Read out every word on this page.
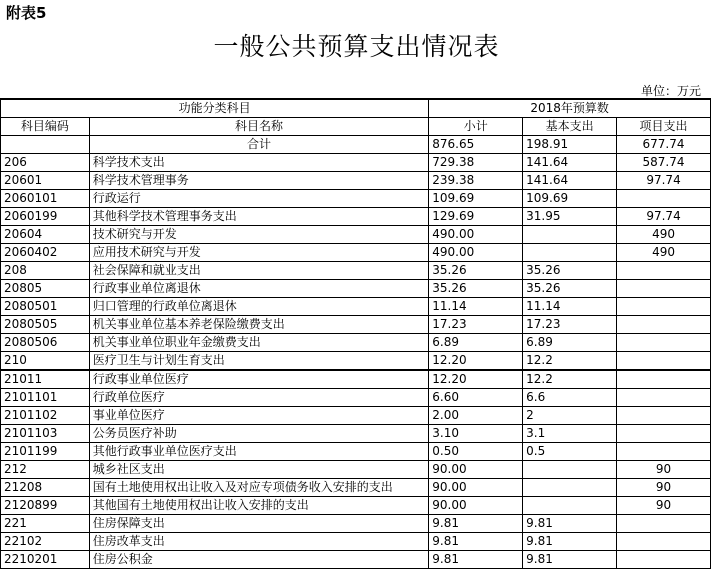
附表5
一般公共预算支出情况表
单位：万元
功能分类科目		2018年预算数		
科目编码	科目名称	小计	基本支出	项目支出
	合计	876.65	198.91	677.74
206	科学技术支出	729.38	141.64	587.74
20601	科学技术管理事务	239.38	141.64	97.74
2060101	行政运行	109.69	109.69	
2060199	其他科学技术管理事务支出	129.69	31.95	97.74
20604	技术研究与开发	490.00		490
2060402	应用技术研究与开发	490.00		490
208	社会保障和就业支出	35.26	35.26	
20805	行政事业单位离退休	35.26	35.26	
2080501	归口管理的行政单位离退休	11.14	11.14	
2080505	机关事业单位基本养老保险缴费支出	17.23	17.23	
2080506	机关事业单位职业年金缴费支出	6.89	6.89	
210	医疗卫生与计划生育支出	12.20	12.2	
21011	行政事业单位医疗	12.20	12.2	
2101101	行政单位医疗	6.60	6.6	
2101102	事业单位医疗	2.00	2	
2101103	公务员医疗补助	3.10	3.1	
2101199	其他行政事业单位医疗支出	0.50	0.5	
212	城乡社区支出	90.00		90
21208	国有土地使用权出让收入及对应专项债务收入安排的支出	90.00		90
2120899	其他国有土地使用权出让收入安排的支出	90.00		90
221	住房保障支出	9.81	9.81	
22102	住房改革支出	9.81	9.81	
2210201	住房公积金	9.81	9.81	
